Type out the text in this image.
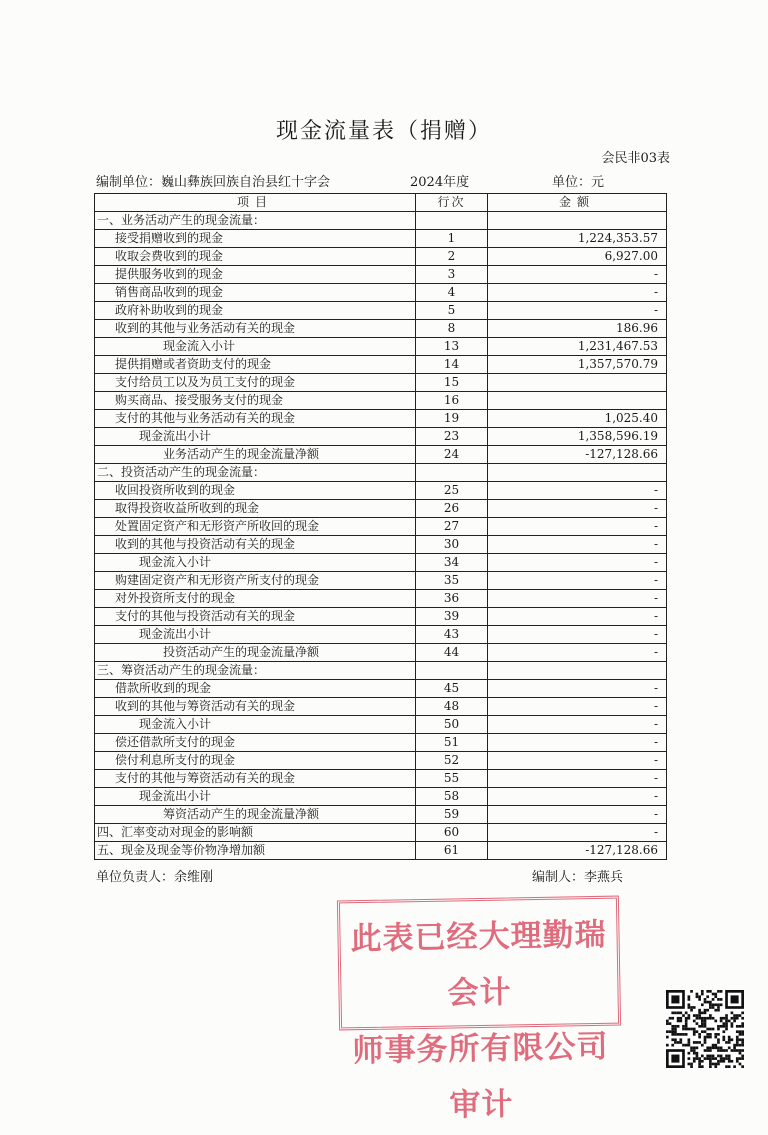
现金流量表（捐赠）
会民非03表
编制单位：巍山彝族回族自治县红十字会	2024年度	单位：元
项目	行次	金额
一、业务活动产生的现金流量：		
接受捐赠收到的现金	1	1,224,353.57
收取会费收到的现金	2	6,927.00
提供服务收到的现金	3	-
销售商品收到的现金	4	-
政府补助收到的现金	5	-
收到的其他与业务活动有关的现金	8	186.96
现金流入小计	13	1,231,467.53
提供捐赠或者资助支付的现金	14	1,357,570.79
支付给员工以及为员工支付的现金	15	
购买商品、接受服务支付的现金	16	
支付的其他与业务活动有关的现金	19	1,025.40
现金流出小计	23	1,358,596.19
业务活动产生的现金流量净额	24	-127,128.66
二、投资活动产生的现金流量：		
收回投资所收到的现金	25	-
取得投资收益所收到的现金	26	-
处置固定资产和无形资产所收回的现金	27	-
收到的其他与投资活动有关的现金	30	-
现金流入小计	34	-
购建固定资产和无形资产所支付的现金	35	-
对外投资所支付的现金	36	-
支付的其他与投资活动有关的现金	39	-
现金流出小计	43	-
投资活动产生的现金流量净额	44	-
三、筹资活动产生的现金流量：		
借款所收到的现金	45	-
收到的其他与筹资活动有关的现金	48	-
现金流入小计	50	-
偿还借款所支付的现金	51	-
偿付利息所支付的现金	52	-
支付的其他与筹资活动有关的现金	55	-
现金流出小计	58	-
筹资活动产生的现金流量净额	59	-
四、汇率变动对现金的影响额	60	-
五、现金及现金等价物净增加额	61	-127,128.66
单位负责人：余维刚	编制人：李燕兵
此表已经大理勤瑞会计
师事务所有限公司审计
